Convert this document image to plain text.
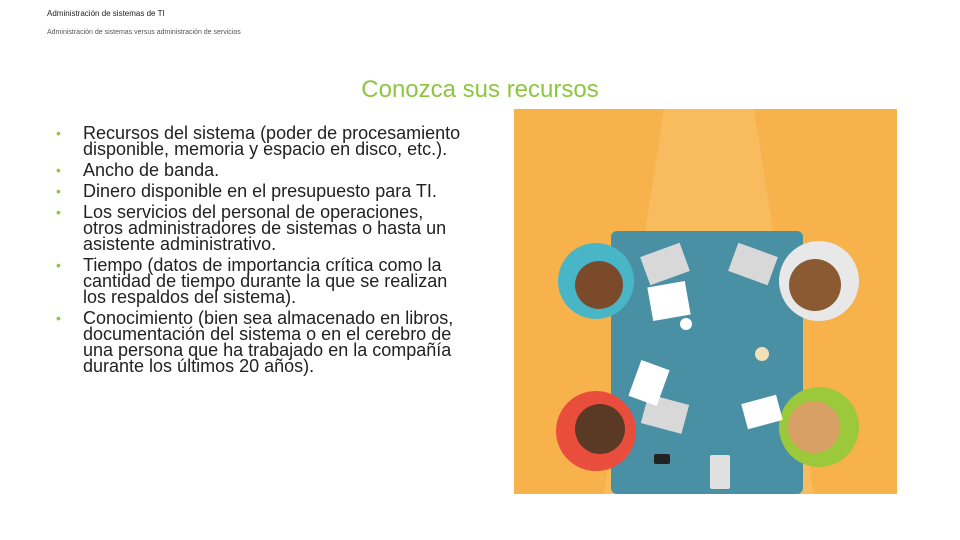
Administración de sistemas de TI
Administración de sistemas versus administración de servicios
Conozca sus recursos
• Recursos del sistema (poder de procesamiento disponible, memoria y espacio en disco, etc.).
• Ancho de banda.
• Dinero disponible en el presupuesto para TI.
• Los servicios del personal de operaciones, otros administradores de sistemas o hasta un asistente administrativo.
• Tiempo (datos de importancia crítica como la cantidad de tiempo durante la que se realizan los respaldos del sistema).
• Conocimiento (bien sea almacenado en libros, documentación del sistema o en el cerebro de una persona que ha trabajado en la compañía durante los últimos 20 años).
